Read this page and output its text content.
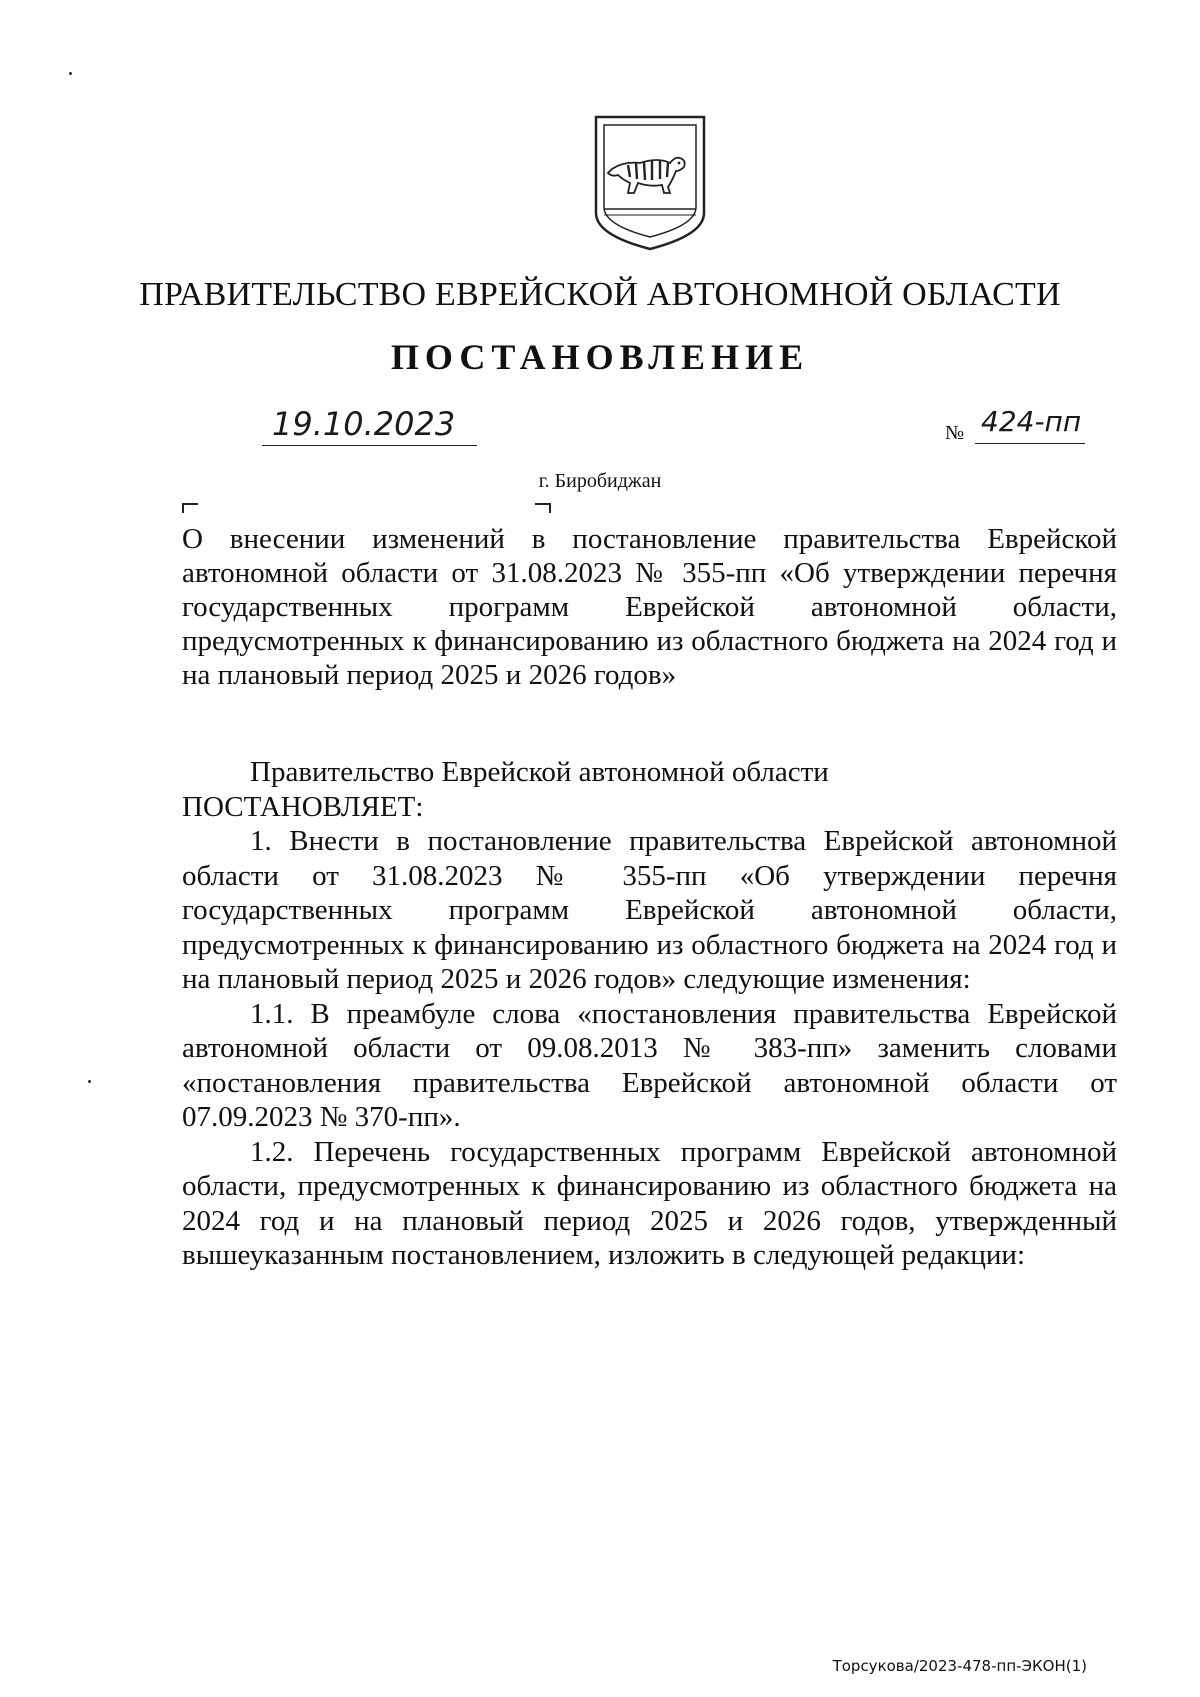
ПРАВИТЕЛЬСТВО ЕВРЕЙСКОЙ АВТОНОМНОЙ ОБЛАСТИ
ПОСТАНОВЛЕНИЕ
19.10.2023	№ 424-пп
г. Биробиджан
О внесении изменений в постановление правительства Еврейской автономной области от 31.08.2023 № 355-пп «Об утверждении перечня государственных программ Еврейской автономной области, предусмотренных к финансированию из областного бюджета на 2024 год и на плановый период 2025 и 2026 годов»

Правительство Еврейской автономной области

ПОСТАНОВЛЯЕТ:

1. Внести в постановление правительства Еврейской автономной области от 31.08.2023 № 355-пп «Об утверждении перечня государственных программ Еврейской автономной области, предусмотренных к финансированию из областного бюджета на 2024 год и на плановый период 2025 и 2026 годов» следующие изменения:

1.1. В преамбуле слова «постановления правительства Еврейской автономной области от 09.08.2013 № 383-пп» заменить словами «постановления правительства Еврейской автономной области от 07.09.2023 № 370-пп».

1.2. Перечень государственных программ Еврейской автономной области, предусмотренных к финансированию из областного бюджета на 2024 год и на плановый период 2025 и 2026 годов, утвержденный вышеуказанным постановлением, изложить в следующей редакции:

Торсукова/2023-478-пп-ЭКОН(1)
